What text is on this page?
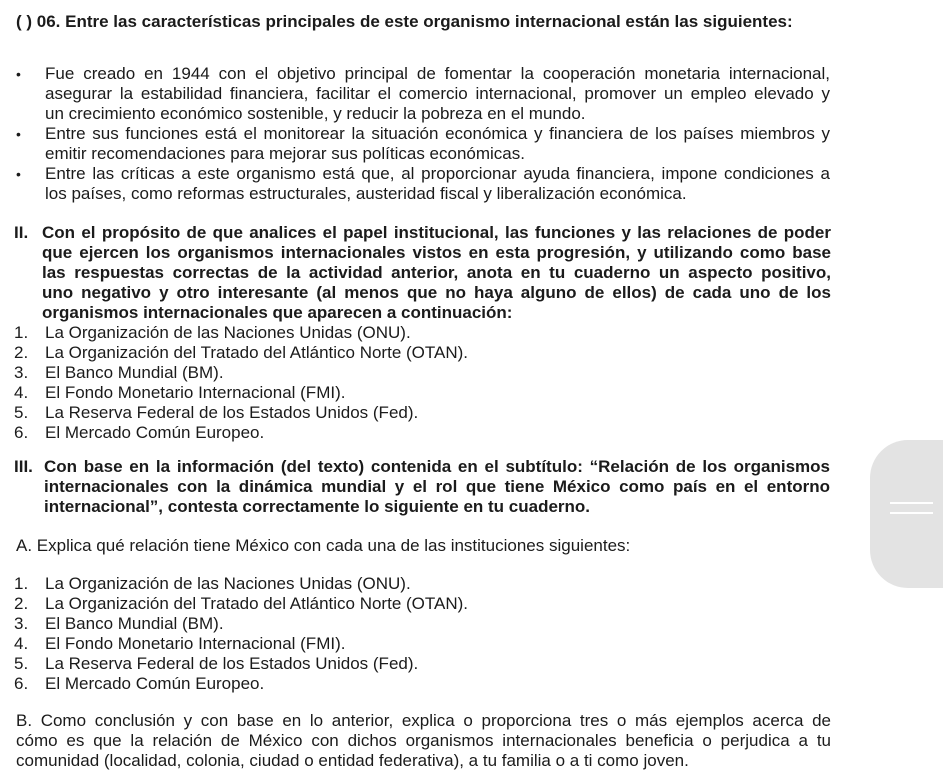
( ) 06. Entre las características principales de este organismo internacional están las siguientes:
• Fue creado en 1944 con el objetivo principal de fomentar la cooperación monetaria internacional,
asegurar la estabilidad financiera, facilitar el comercio internacional, promover un empleo elevado y
un crecimiento económico sostenible, y reducir la pobreza en el mundo.
• Entre sus funciones está el monitorear la situación económica y financiera de los países miembros y
emitir recomendaciones para mejorar sus políticas económicas.
• Entre las críticas a este organismo está que, al proporcionar ayuda financiera, impone condiciones a
los países, como reformas estructurales, austeridad fiscal y liberalización económica.
II. Con el propósito de que analices el papel institucional, las funciones y las relaciones de poder
que ejercen los organismos internacionales vistos en esta progresión, y utilizando como base
las respuestas correctas de la actividad anterior, anota en tu cuaderno un aspecto positivo,
uno negativo y otro interesante (al menos que no haya alguno de ellos) de cada uno de los
organismos internacionales que aparecen a continuación:
1. La Organización de las Naciones Unidas (ONU).
2. La Organización del Tratado del Atlántico Norte (OTAN).
3. El Banco Mundial (BM).
4. El Fondo Monetario Internacional (FMI).
5. La Reserva Federal de los Estados Unidos (Fed).
6. El Mercado Común Europeo.
III. Con base en la información (del texto) contenida en el subtítulo: “Relación de los organismos
internacionales con la dinámica mundial y el rol que tiene México como país en el entorno
internacional”, contesta correctamente lo siguiente en tu cuaderno.
A. Explica qué relación tiene México con cada una de las instituciones siguientes:
1. La Organización de las Naciones Unidas (ONU).
2. La Organización del Tratado del Atlántico Norte (OTAN).
3. El Banco Mundial (BM).
4. El Fondo Monetario Internacional (FMI).
5. La Reserva Federal de los Estados Unidos (Fed).
6. El Mercado Común Europeo.
B. Como conclusión y con base en lo anterior, explica o proporciona tres o más ejemplos acerca de
cómo es que la relación de México con dichos organismos internacionales beneficia o perjudica a tu
comunidad (localidad, colonia, ciudad o entidad federativa), a tu familia o a ti como joven.
